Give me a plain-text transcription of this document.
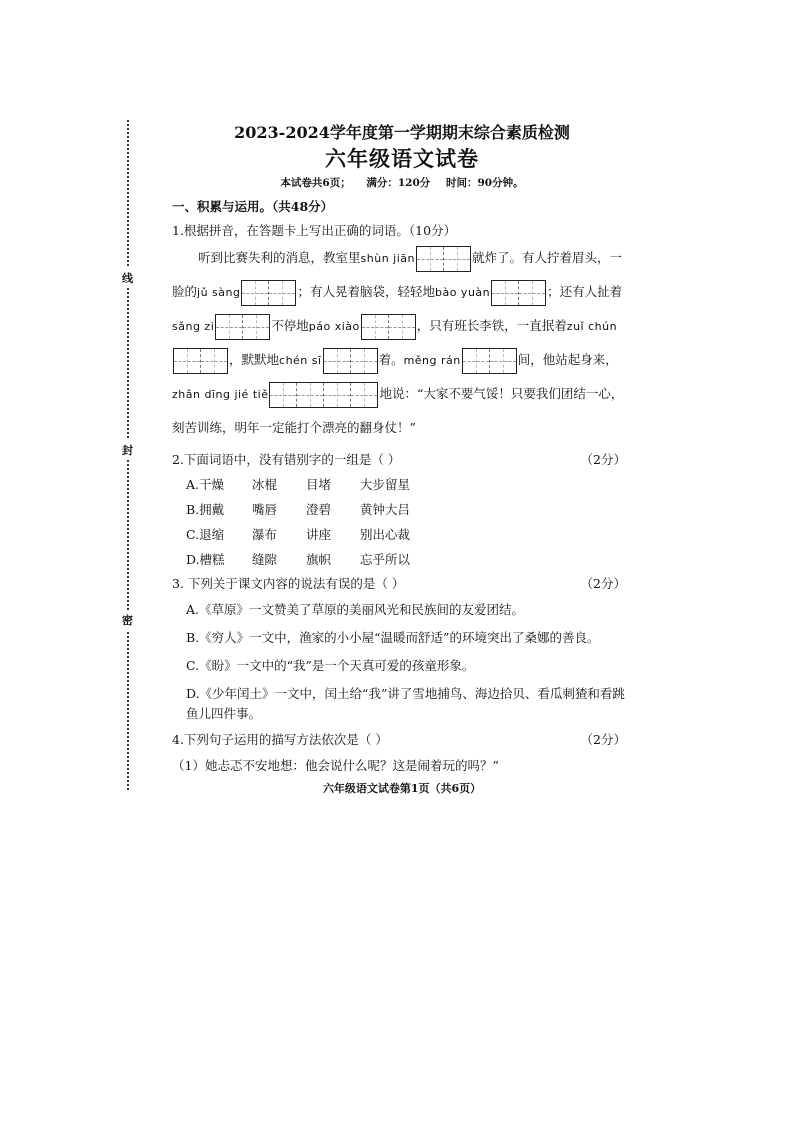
线
封
密
2023-2024学年度第一学期期末综合素质检测
六年级语文试卷
本试卷共6页； 满分：120分 时间：90分钟。
一、积累与运用。（共48分）
1.根据拼音，在答题卡上写出正确的词语。（10分）
听到比赛失利的消息，教室里shùn jiān	就炸了。有人拧着眉头，一脸的jǔ sàng	；有人晃着脑袋，轻轻地bào yuàn	；还有人扯着sǎng zi	不停地páo xiào	，只有班长李铁，一直抿着zuǐ chún
，默默地chén sī	着。měng rán	间，他站起身来，zhǎn dīng jié tiě	地说：“大家不要气馁！只要我们团结一心，刻苦训练，明年一定能打个漂亮的翻身仗！”
2.下面词语中，没有错别字的一组是（ ）	（2分）
A.干燥	冰棍	目堵	大步留星
B.拥戴	嘴唇	澄碧	黄钟大吕
C.退缩	瀑布	讲座	别出心裁
D.槽糕	缝隙	旗帜	忘乎所以
3. 下列关于课文内容的说法有误的是（ ）	（2分）
A.《草原》一文赞美了草原的美丽风光和民族间的友爱团结。
B.《穷人》一文中，渔家的小小屋“温暖而舒适”的环境突出了桑娜的善良。
C.《盼》一文中的“我”是一个天真可爱的孩童形象。
D.《少年闰土》一文中，闰土给“我”讲了雪地捕鸟、海边拾贝、看瓜刺猹和看跳鱼儿四件事。
4.下列句子运用的描写方法依次是（ ）	（2分）
（1）她忐忑不安地想：他会说什么呢？这是闹着玩的吗？”
六年级语文试卷第1页（共6页）
